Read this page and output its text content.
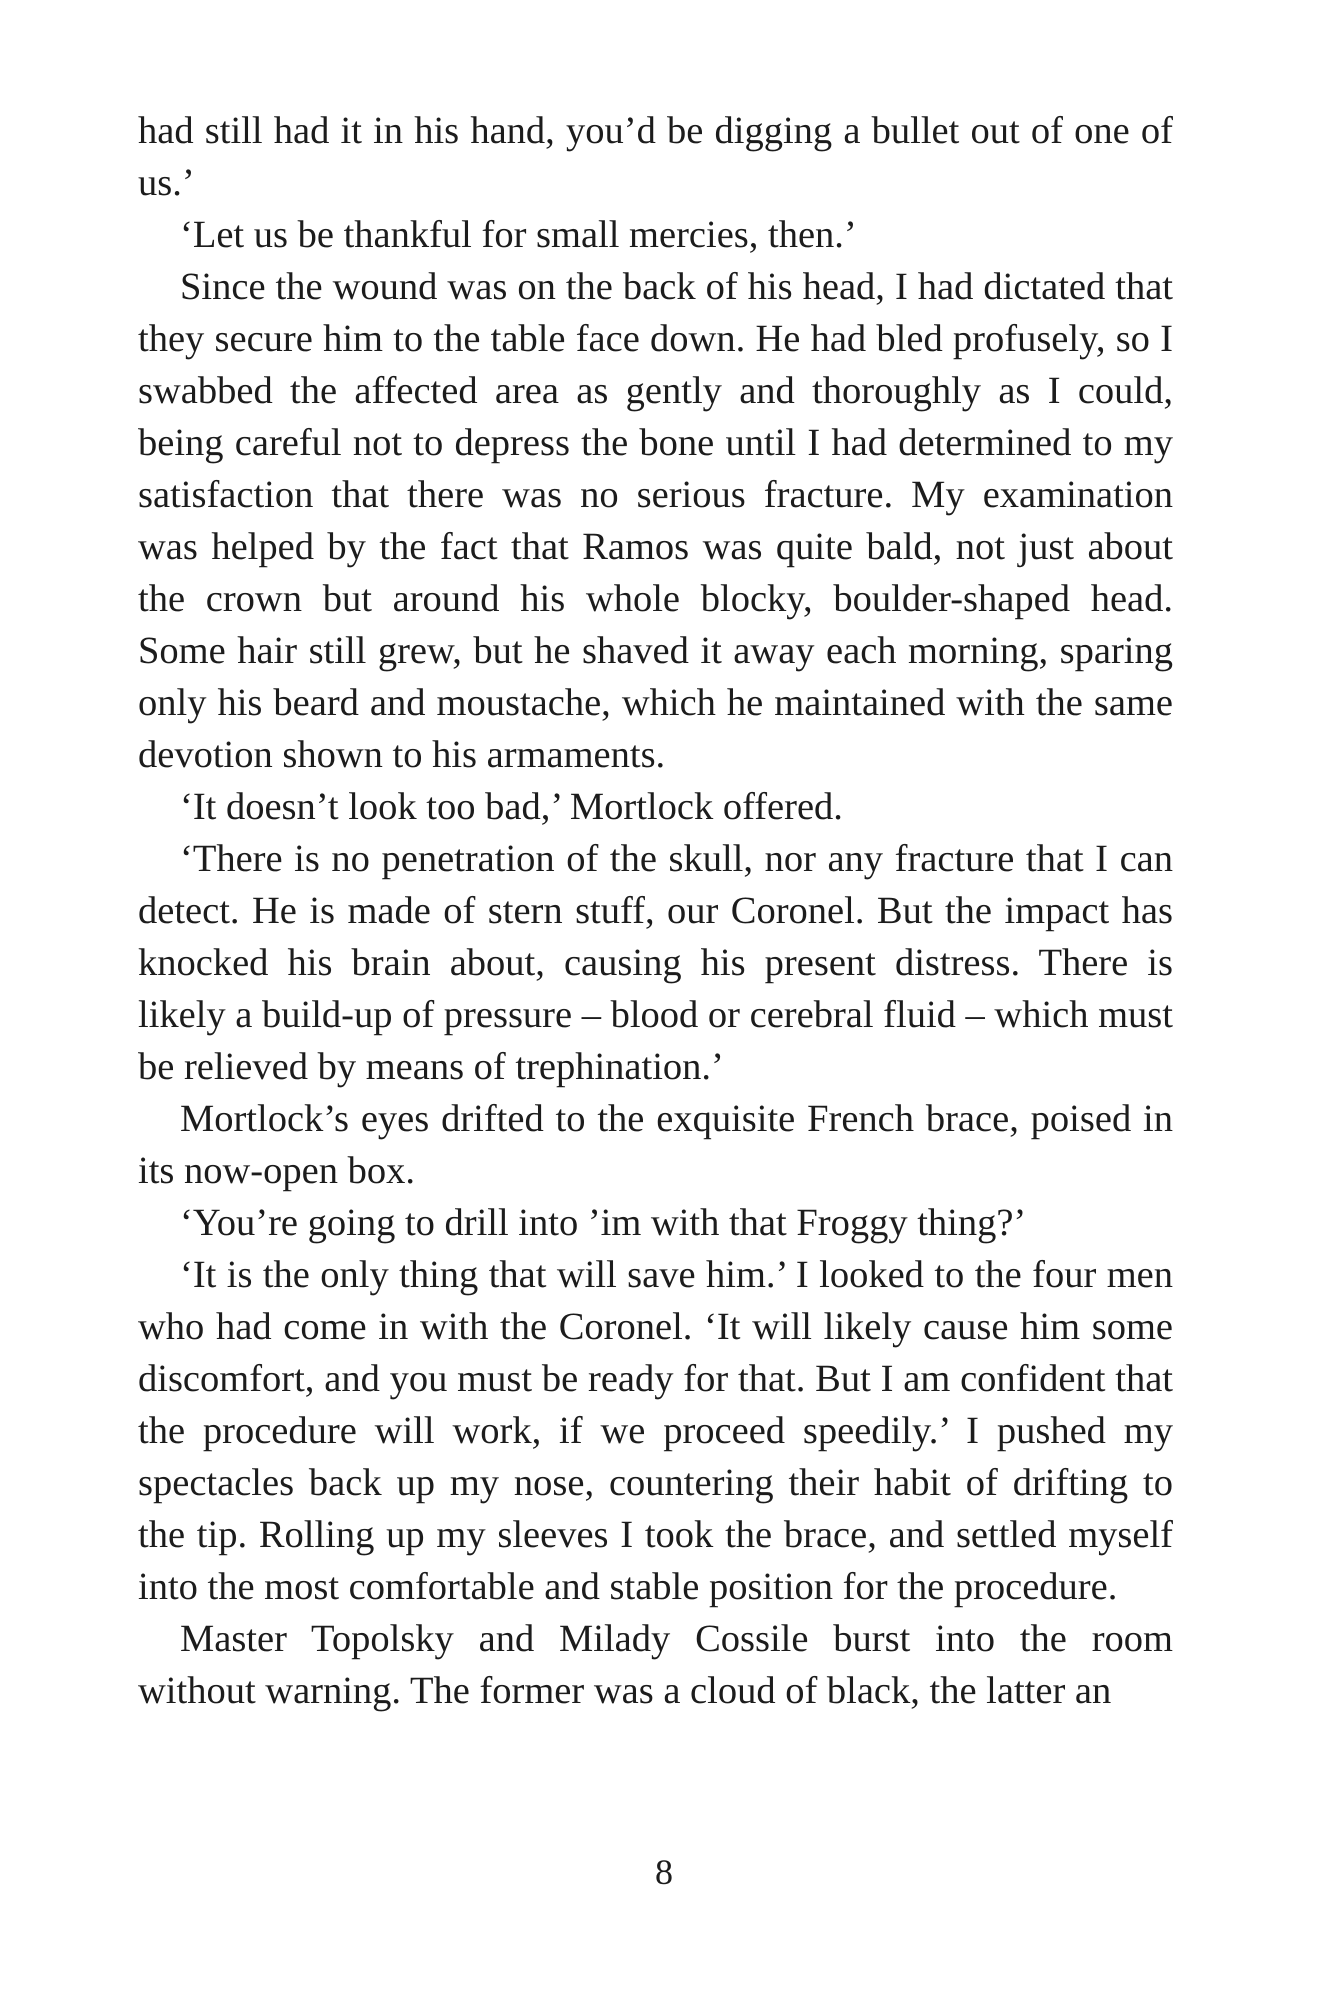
had still had it in his hand, you’d be digging a bullet out of one of us.’

‘Let us be thankful for small mercies, then.’

Since the wound was on the back of his head, I had dictated that they secure him to the table face down. He had bled profusely, so I swabbed the affected area as gently and thoroughly as I could, being careful not to depress the bone until I had determined to my satisfaction that there was no serious fracture. My examination was helped by the fact that Ramos was quite bald, not just about the crown but around his whole blocky, boulder-shaped head. Some hair still grew, but he shaved it away each morning, sparing only his beard and moustache, which he maintained with the same devotion shown to his armaments.

‘It doesn’t look too bad,’ Mortlock offered.

‘There is no penetration of the skull, nor any fracture that I can detect. He is made of stern stuff, our Coronel. But the impact has knocked his brain about, causing his present distress. There is likely a build-up of pressure – blood or cerebral fluid – which must be relieved by means of trephination.’

Mortlock’s eyes drifted to the exquisite French brace, poised in its now-open box.

‘You’re going to drill into ’im with that Froggy thing?’

‘It is the only thing that will save him.’ I looked to the four men who had come in with the Coronel. ‘It will likely cause him some discomfort, and you must be ready for that. But I am confident that the procedure will work, if we proceed speedily.’ I pushed my spectacles back up my nose, countering their habit of drifting to the tip. Rolling up my sleeves I took the brace, and settled myself into the most comfortable and stable position for the procedure.

Master Topolsky and Milady Cossile burst into the room without warning. The former was a cloud of black, the latter an

8
